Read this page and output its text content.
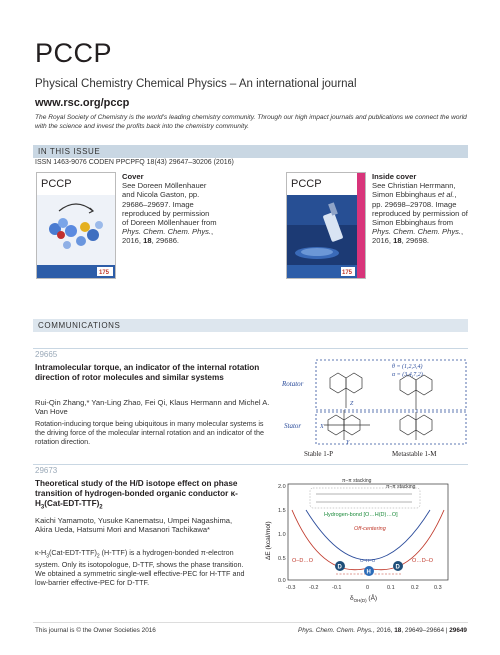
PCCP
Physical Chemistry Chemical Physics – An international journal
www.rsc.org/pccp
The Royal Society of Chemistry is the world’s leading chemistry community. Through our high impact journals and publications we connect the world with the science and invest the profits back into the chemistry community.
IN THIS ISSUE
ISSN 1463-9076 CODEN PPCPFQ 18(43) 29647–30206 (2016)
PCCP
175
Cover
See Doreen Möllenhauer and Nicola Gaston, pp. 29686–29697. Image reproduced by permission of Doreen Möllenhauer from Phys. Chem. Chem. Phys., 2016, 18, 29686.
PCCP
175
Inside cover
See Christian Herrmann, Simon Ebbinghaus et al., pp. 29698–29708. Image reproduced by permission of Simon Ebbinghaus from Phys. Chem. Chem. Phys., 2016, 18, 29698.
COMMUNICATIONS
29665
Intramolecular torque, an indicator of the internal rotation direction of rotor molecules and similar systems
Rui-Qin Zhang,* Yan-Ling Zhao, Fei Qi, Klaus Hermann and Michel A. Van Hove
Rotation-inducing torque being ubiquitous in many molecular systems is the driving force of the molecular internal rotation and an indicator of the rotation direction.
Rotator
Stator
θ = (1,2,3,4)
α = (3,4,7,2)
X
Z
Y
Stable 1-P	Metastable 1-M
29673
Theoretical study of the H/D isotope effect on phase transition of hydrogen-bonded organic conductor $\kappa-H_3(Cat-EDT-TTF)_2$
Kaichi Yamamoto, Yusuke Kanematsu, Umpei Nagashima, Akira Ueda, Hatsumi Mori and Masanori Tachikawa*
$\kappa-H_3(Cat-EDT-TTF)_2$ (H-TTF) is a hydrogen-bonded π-electron system. Only its isotopologue, D-TTF, shows the phase transition. We obtained a symmetric single-well effective-PEC for H-TTF and low-barrier effective-PEC for D-TTF.
2.0
1.5
1.0
0.5
0.0
-0.3 -0.2 -0.1	0	0.1	0.2	0.3
ΔE (kcal/mol)
$\delta_{OH(D)}$ (Å)
π–π stacking
π–π stacking
Hydrogen-bond [O…H(D)…O]
Off-centering
D	D
H
O–H–O
O–D…O	O…D–O
This journal is © the Owner Societies 2016	Phys. Chem. Chem. Phys., 2016, 18, 29649–29664 | 29649
